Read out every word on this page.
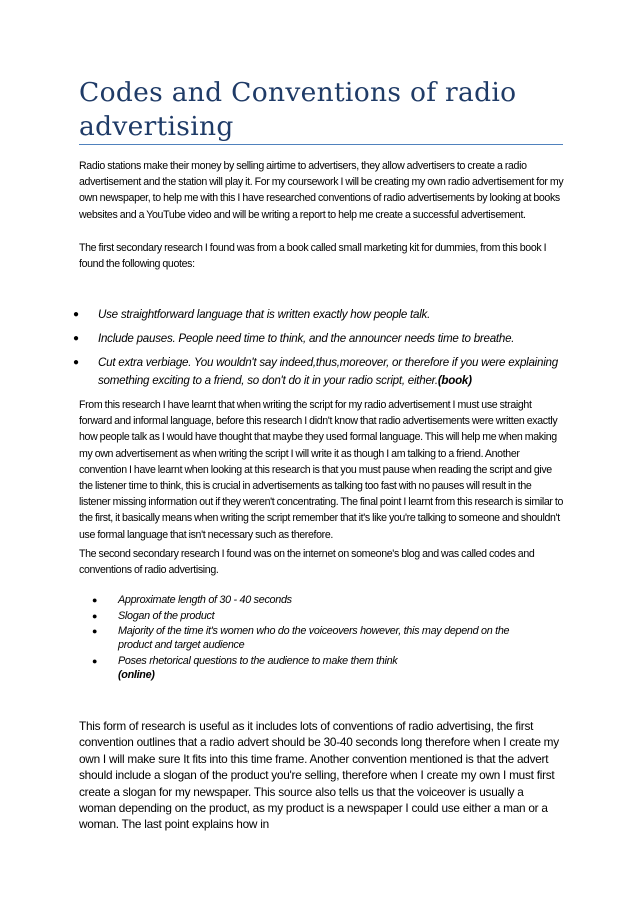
Codes and Conventions of radio advertising

Radio stations make their money by selling airtime to advertisers, they allow advertisers to create a radio advertisement and the station will play it. For my coursework I will be creating my own radio advertisement for my own newspaper, to help me with this I have researched conventions of radio advertisements by looking at books websites and a YouTube video and will be writing a report to help me create a successful advertisement.

The first secondary research I found was from a book called small marketing kit for dummies, from this book I found the following quotes:

● Use straightforward language that is written exactly how people talk.
● Include pauses. People need time to think, and the announcer needs time to breathe.
● Cut extra verbiage. You wouldn't say indeed,thus,moreover, or therefore if you were explaining something exciting to a friend, so don't do it in your radio script, either.(book)

From this research I have learnt that when writing the script for my radio advertisement I must use straight forward and informal language, before this research I didn't know that radio advertisements were written exactly how people talk as I would have thought that maybe they used formal language. This will help me when making my own advertisement as when writing the script I will write it as though I am talking to a friend. Another convention I have learnt when looking at this research is that you must pause when reading the script and give the listener time to think, this is crucial in advertisements as talking too fast with no pauses will result in the listener missing information out if they weren't concentrating. The final point I learnt from this research is similar to the first, it basically means when writing the script remember that it's like you're talking to someone and shouldn't use formal language that isn't necessary such as therefore.

The second secondary research I found was on the internet on someone's blog and was called codes and conventions of radio advertising.

● Approximate length of 30 - 40 seconds
● Slogan of the product
● Majority of the time it's women who do the voiceovers however, this may depend on the product and target audience
● Poses rhetorical questions to the audience to make them think
(online)

This form of research is useful as it includes lots of conventions of radio advertising, the first convention outlines that a radio advert should be 30-40 seconds long therefore when I create my own I will make sure It fits into this time frame. Another convention mentioned is that the advert should include a slogan of the product you're selling, therefore when I create my own I must first create a slogan for my newspaper. This source also tells us that the voiceover is usually a woman depending on the product, as my product is a newspaper I could use either a man or a woman. The last point explains how in
